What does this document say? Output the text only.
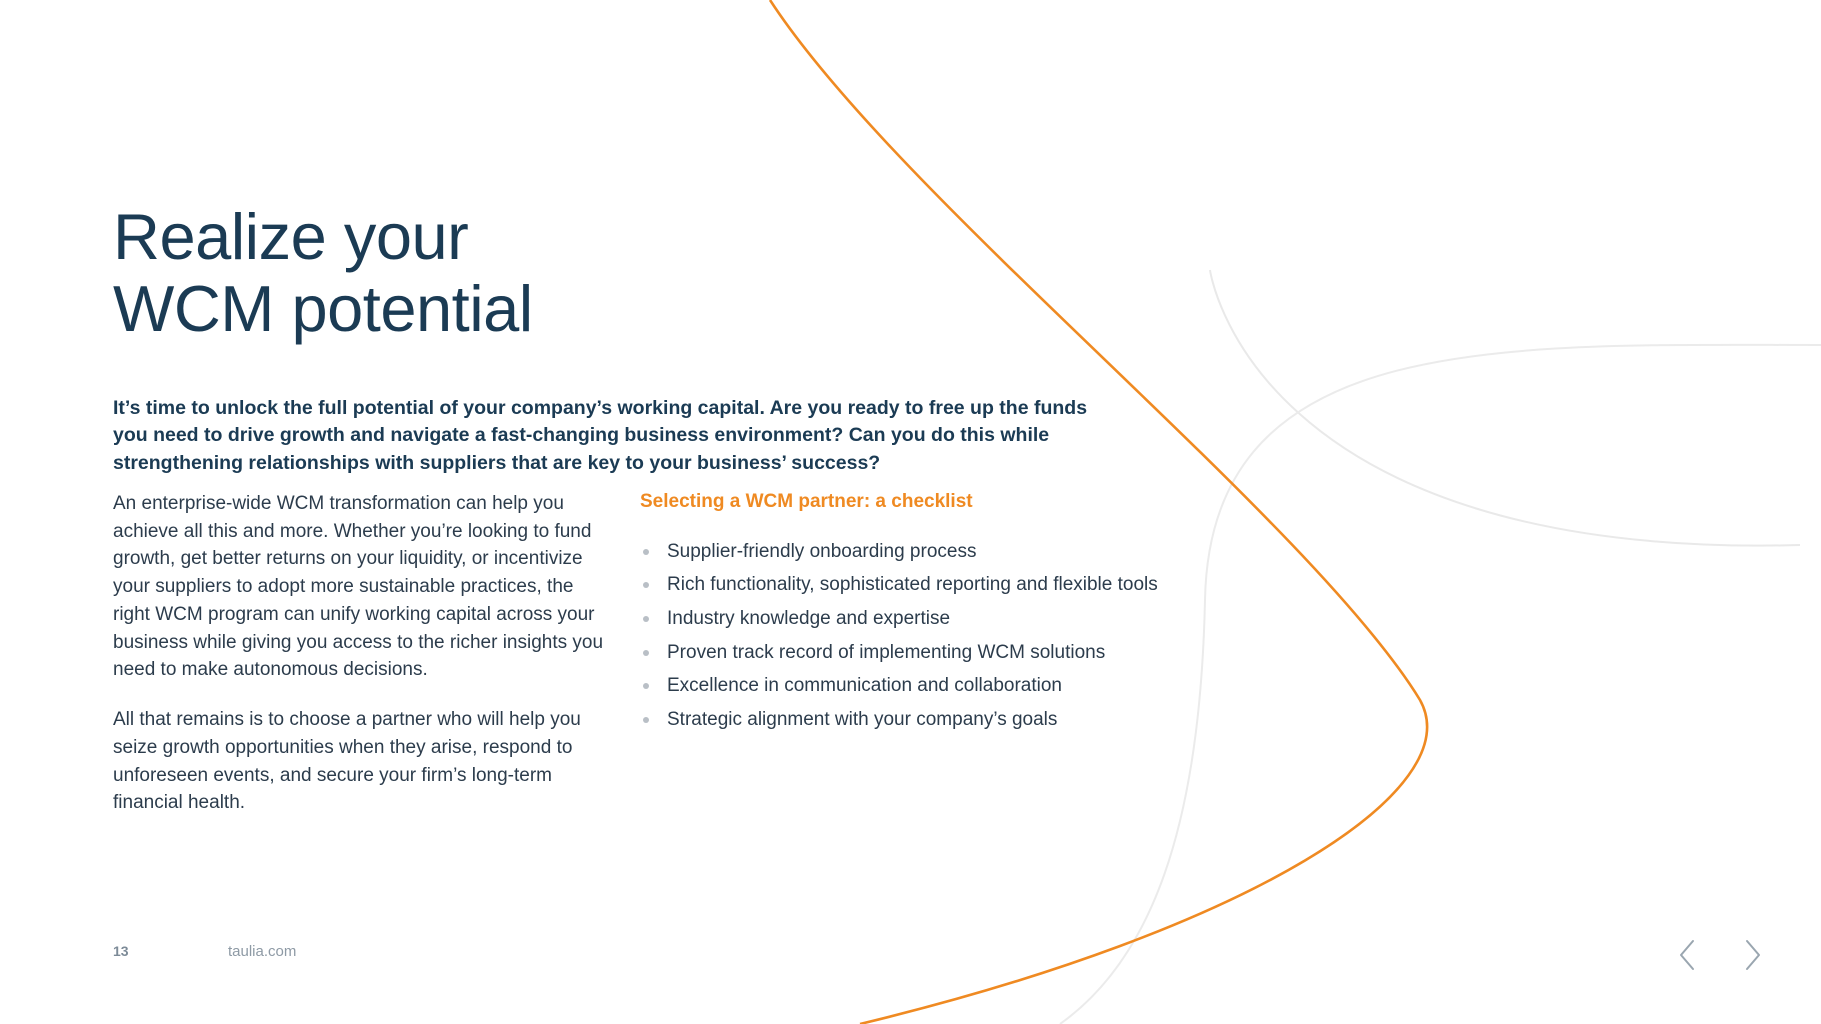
Realize your
WCM potential

It’s time to unlock the full potential of your company’s working capital. Are you ready to free up the funds you need to drive growth and navigate a fast-changing business environment? Can you do this while strengthening relationships with suppliers that are key to your business’ success?

An enterprise-wide WCM transformation can help you achieve all this and more. Whether you’re looking to fund growth, get better returns on your liquidity, or incentivize your suppliers to adopt more sustainable practices, the right WCM program can unify working capital across your business while giving you access to the richer insights you need to make autonomous decisions.

All that remains is to choose a partner who will help you seize growth opportunities when they arise, respond to unforeseen events, and secure your firm’s long-term financial health.

Selecting a WCM partner: a checklist
Supplier-friendly onboarding process
Rich functionality, sophisticated reporting and flexible tools
Industry knowledge and expertise
Proven track record of implementing WCM solutions
Excellence in communication and collaboration
Strategic alignment with your company’s goals
13	taulia.com
